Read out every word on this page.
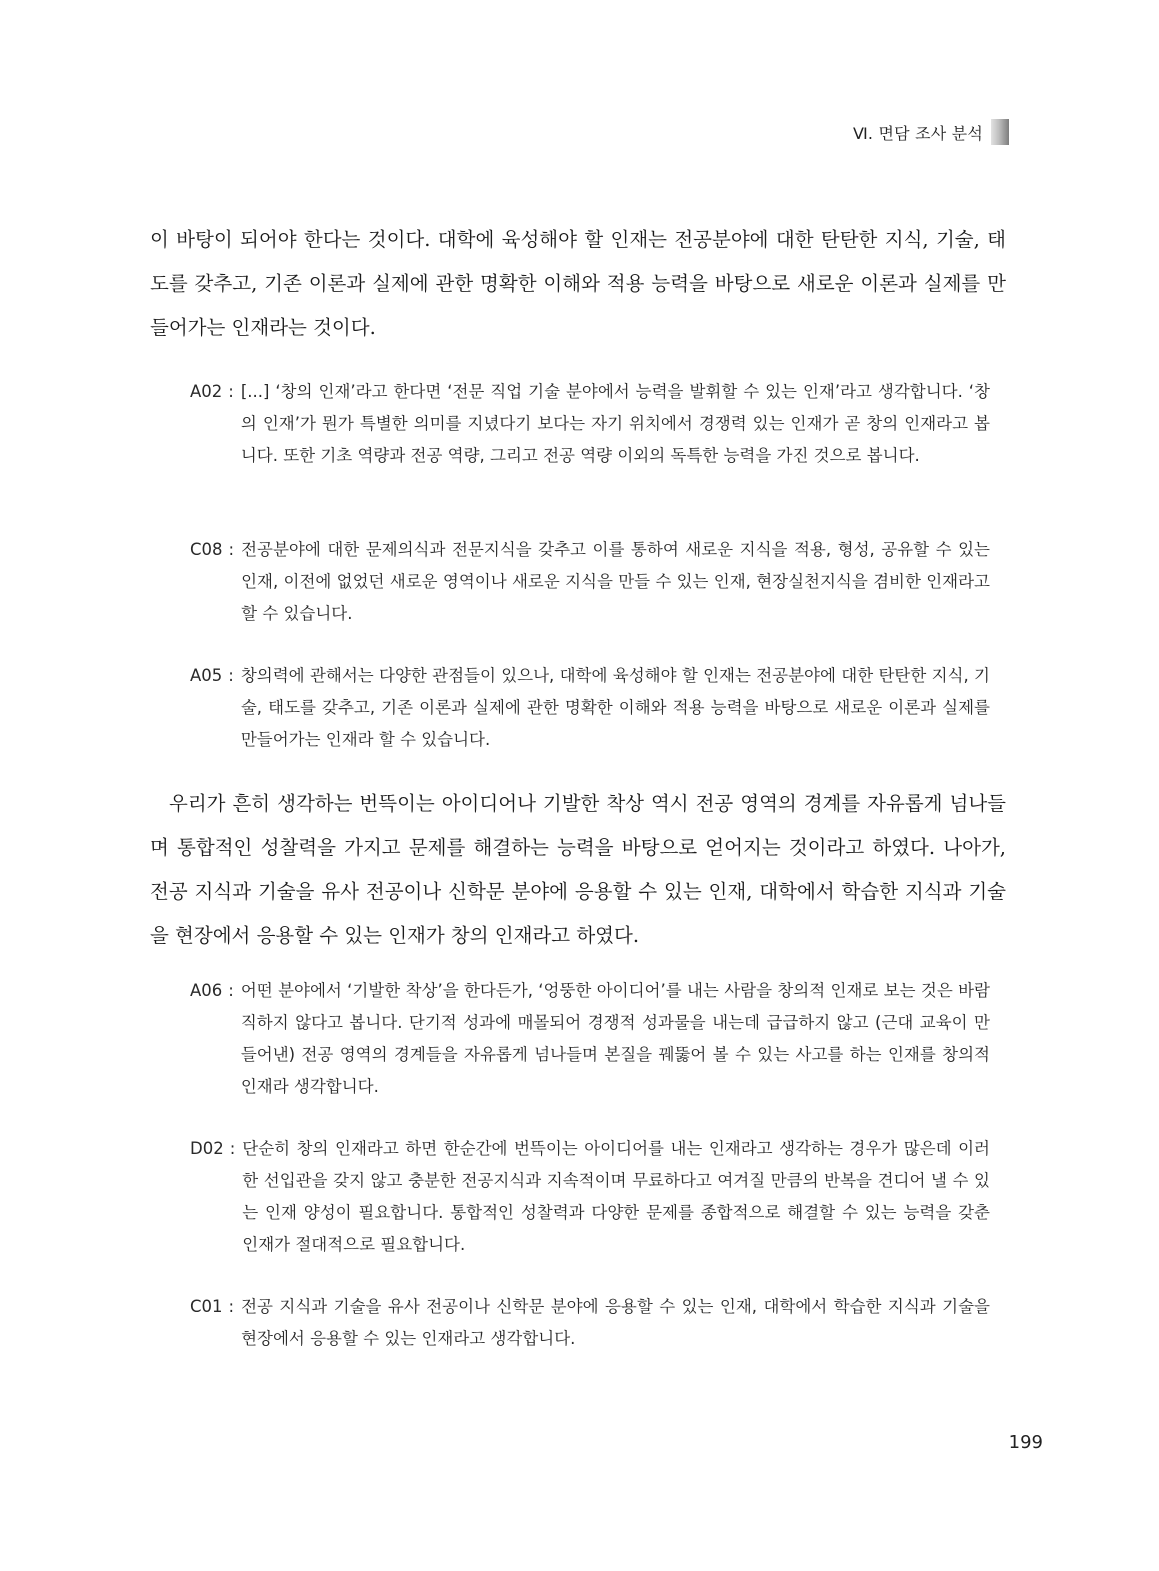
Ⅵ. 면담 조사 분석

이 바탕이 되어야 한다는 것이다. 대학에 육성해야 할 인재는 전공분야에 대한 탄탄한 지식, 기술, 태도를 갖추고, 기존 이론과 실제에 관한 명확한 이해와 적용 능력을 바탕으로 새로운 이론과 실제를 만들어가는 인재라는 것이다.

A02 : [...] ‘창의 인재’라고 한다면 ‘전문 직업 기술 분야에서 능력을 발휘할 수 있는 인재’라고 생각합니다. ‘창의 인재’가 뭔가 특별한 의미를 지녔다기 보다는 자기 위치에서 경쟁력 있는 인재가 곧 창의 인재라고 봅니다. 또한 기초 역량과 전공 역량, 그리고 전공 역량 이외의 독특한 능력을 가진 것으로 봅니다.
C08 : 전공분야에 대한 문제의식과 전문지식을 갖추고 이를 통하여 새로운 지식을 적용, 형성, 공유할 수 있는 인재, 이전에 없었던 새로운 영역이나 새로운 지식을 만들 수 있는 인재, 현장실천지식을 겸비한 인재라고 할 수 있습니다.
A05 : 창의력에 관해서는 다양한 관점들이 있으나, 대학에 육성해야 할 인재는 전공분야에 대한 탄탄한 지식, 기술, 태도를 갖추고, 기존 이론과 실제에 관한 명확한 이해와 적용 능력을 바탕으로 새로운 이론과 실제를 만들어가는 인재라 할 수 있습니다.

우리가 흔히 생각하는 번뜩이는 아이디어나 기발한 착상 역시 전공 영역의 경계를 자유롭게 넘나들며 통합적인 성찰력을 가지고 문제를 해결하는 능력을 바탕으로 얻어지는 것이라고 하였다. 나아가, 전공 지식과 기술을 유사 전공이나 신학문 분야에 응용할 수 있는 인재, 대학에서 학습한 지식과 기술을 현장에서 응용할 수 있는 인재가 창의 인재라고 하였다.

A06 : 어떤 분야에서 ‘기발한 착상’을 한다든가, ‘엉뚱한 아이디어’를 내는 사람을 창의적 인재로 보는 것은 바람직하지 않다고 봅니다. 단기적 성과에 매몰되어 경쟁적 성과물을 내는데 급급하지 않고 (근대 교육이 만들어낸) 전공 영역의 경계들을 자유롭게 넘나들며 본질을 꿰뚫어 볼 수 있는 사고를 하는 인재를 창의적 인재라 생각합니다.
D02 : 단순히 창의 인재라고 하면 한순간에 번뜩이는 아이디어를 내는 인재라고 생각하는 경우가 많은데 이러한 선입관을 갖지 않고 충분한 전공지식과 지속적이며 무료하다고 여겨질 만큼의 반복을 견디어 낼 수 있는 인재 양성이 필요합니다. 통합적인 성찰력과 다양한 문제를 종합적으로 해결할 수 있는 능력을 갖춘 인재가 절대적으로 필요합니다.
C01 : 전공 지식과 기술을 유사 전공이나 신학문 분야에 응용할 수 있는 인재, 대학에서 학습한 지식과 기술을 현장에서 응용할 수 있는 인재라고 생각합니다.
199
